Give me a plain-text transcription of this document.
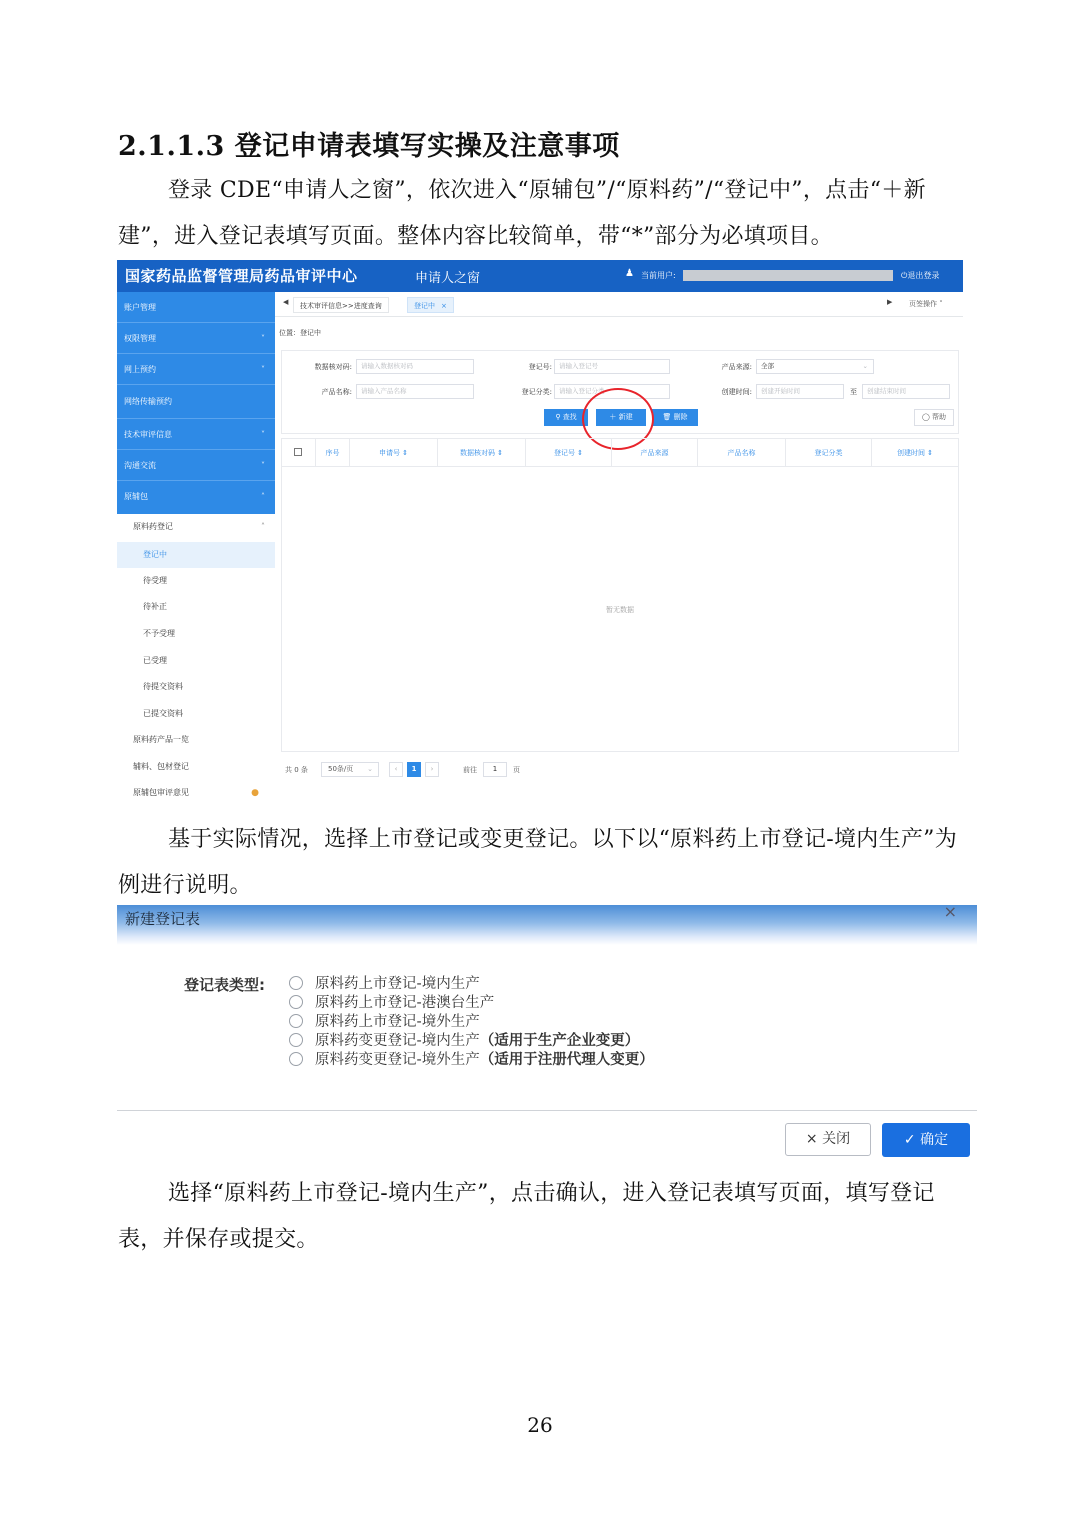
2.1.1.3 登记申请表填写实操及注意事项
登录 CDE“申请人之窗”，依次进入“原辅包”/“原料药”/“登记中”，点击“＋新建”，进入登记表填写页面。整体内容比较简单，带“*”部分为必填项目。
国家药品监督管理局药品审评中心	申请人之窗	♟ 当前用户:	⏻退出登录
账户管理
权限管理	˅
网上预约	˅
网络传输预约
技术审评信息	˅
沟通交流	˅
原辅包	˄
原料药登记	˄
登记中
待受理
待补正
不予受理
已受理
待提交资料
已提交资料
原料药产品一览
辅料、包材登记
原辅包审评意见	●
◀	技术审评信息>>进度查询	登记中 ×	▶ 页签操作 ˅
位置：登记中
数据核对码:	请输入数据核对码	登记号:	请输入登记号	产品来源:	全部	⌄
产品名称:	请输入产品名称	登记分类:	请输入登记分类	创建时间:	创建开始时间	至	创建结束时间
⚲ 查找	＋ 新建	🗑 删除	◯ 帮助
序号	申请号 ⇕	数据核对码 ⇕	登记号 ⇕	产品来源	产品名称	登记分类	创建时间 ⇕
暂无数据
共 0 条	50条/页 ⌄	‹	1	›	前往	1	页
基于实际情况，选择上市登记或变更登记。以下以“原料药上市登记-境内生产”为例进行说明。
新建登记表	×
登记表类型:	原料药上市登记-境内生产
原料药上市登记-港澳台生产
原料药上市登记-境外生产
原料药变更登记-境内生产（适用于生产企业变更）
原料药变更登记-境外生产（适用于注册代理人变更）
× 关闭	✓ 确定
选择“原料药上市登记-境内生产”，点击确认，进入登记表填写页面，填写登记表，并保存或提交。
26
